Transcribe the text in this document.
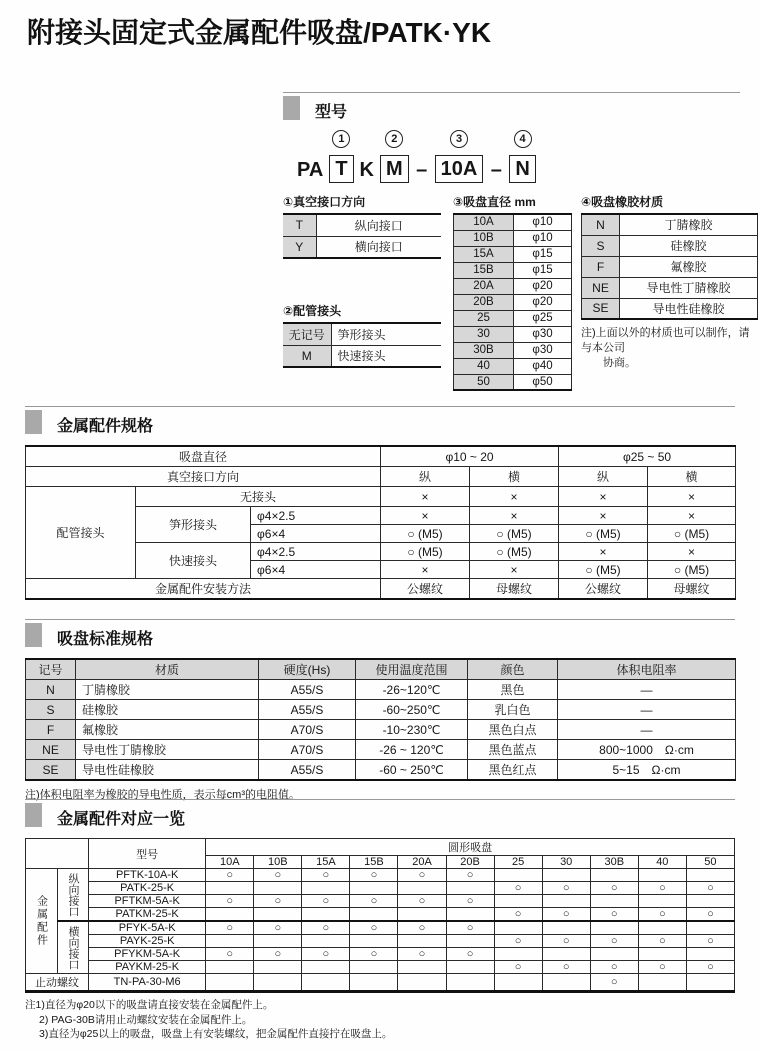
附接头固定式金属配件吸盘/PATK·YK
型号
PA
1
T K
2
M –
3
10A –
4
N
①真空接口方向
T	纵向接口
Y	横向接口
②配管接头
无记号	笋形接头
M	快速接头
③吸盘直径 mm
10A	φ10
10B	φ10
15A	φ15
15B	φ15
20A	φ20
20B	φ20
25	φ25
30	φ30
30B	φ30
40	φ40
50	φ50
④吸盘橡胶材质
N	丁腈橡胶
S	硅橡胶
F	氟橡胶
NE	导电性丁腈橡胶
SE	导电性硅橡胶
注)上面以外的材质也可以制作，请与本公司
协商。
金属配件规格
吸盘直径			φ10 ~ 20		φ25 ~ 50	
真空接口方向			纵	横	纵	横
配管接头	无接头		×	×	×	×
	笋形接头	φ4×2.5	×	×	×	×
		φ6×4	○ (M5)	○ (M5)	○ (M5)	○ (M5)
	快速接头	φ4×2.5	○ (M5)	○ (M5)	×	×
		φ6×4	×	×	○ (M5)	○ (M5)
金属配件安装方法			公螺纹	母螺纹	公螺纹	母螺纹
吸盘标准规格
记号	材质	硬度(Hs)	使用温度范围	颜色	体积电阻率
N	丁腈橡胶	A55/S	-26~120℃	黑色	—
S	硅橡胶	A55/S	-60~250℃	乳白色	—
F	氟橡胶	A70/S	-10~230℃	黑色白点	—
NE	导电性丁腈橡胶	A70/S	-26 ~ 120℃	黑色蓝点	800~1000　Ω·cm
SE	导电性硅橡胶	A55/S	-60 ~ 250℃	黑色红点	5~15　Ω·cm
注)体积电阻率为橡胶的导电性质，表示每cm³的电阻值。
金属配件对应一览
		型号	圆形吸盘										
			10A	10B	15A	15B	20A	20B	25	30	30B	40	50
金属配件	纵向接口	PFTK-10A-K	○	○	○	○	○	○					
		PATK-25-K							○	○	○	○	○
		PFTKM-5A-K	○	○	○	○	○	○					
		PATKM-25-K							○	○	○	○	○
	横向接口	PFYK-5A-K	○	○	○	○	○	○					
		PAYK-25-K							○	○	○	○	○
		PFYKM-5A-K	○	○	○	○	○	○					
		PAYKM-25-K							○	○	○	○	○
止动螺纹		TN-PA-30-M6									○		
注1)直径为φ20以下的吸盘请直接安装在金属配件上。
2) PAG-30B请用止动螺纹安装在金属配件上。
3)直径为φ25以上的吸盘，吸盘上有安装螺纹，把金属配件直接拧在吸盘上。
